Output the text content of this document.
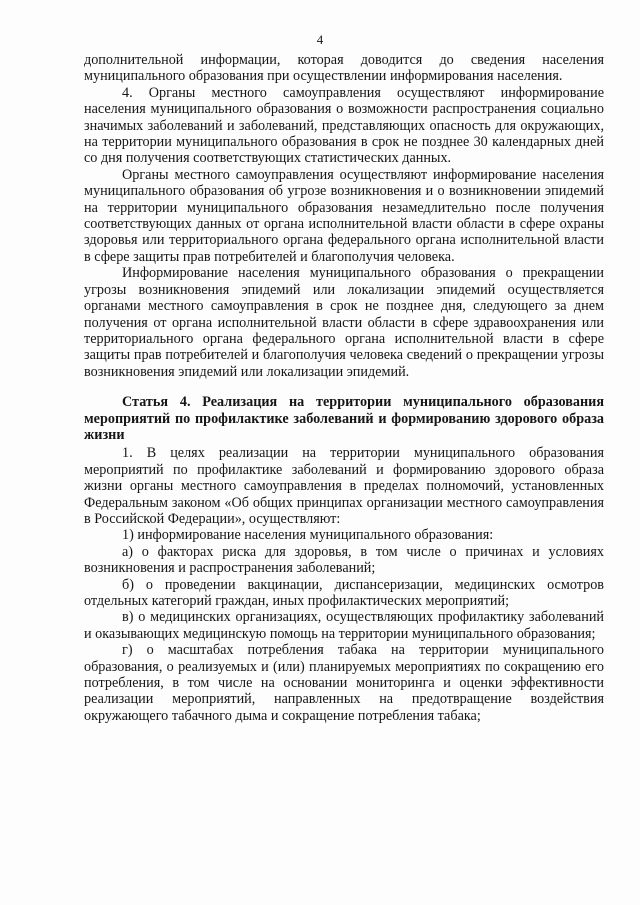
4

дополнительной информации, которая доводится до сведения населения муниципального образования при осуществлении информирования населения.

4. Органы местного самоуправления осуществляют информирование населения муниципального образования о возможности распространения социально значимых заболеваний и заболеваний, представляющих опасность для окружающих, на территории муниципального образования в срок не позднее 30 календарных дней со дня получения соответствующих статистических данных.

Органы местного самоуправления осуществляют информирование населения муниципального образования об угрозе возникновения и о возникновении эпидемий на территории муниципального образования незамедлительно после получения соответствующих данных от органа исполнительной власти области в сфере охраны здоровья или территориального органа федерального органа исполнительной власти в сфере защиты прав потребителей и благополучия человека.

Информирование населения муниципального образования о прекращении угрозы возникновения эпидемий или локализации эпидемий осуществляется органами местного самоуправления в срок не позднее дня, следующего за днем получения от органа исполнительной власти области в сфере здравоохранения или территориального органа федерального органа исполнительной власти в сфере защиты прав потребителей и благополучия человека сведений о прекращении угрозы возникновения эпидемий или локализации эпидемий.

Статья 4. Реализация на территории муниципального образования мероприятий по профилактике заболеваний и формированию здорового образа жизни

1. В целях реализации на территории муниципального образования мероприятий по профилактике заболеваний и формированию здорового образа жизни органы местного самоуправления в пределах полномочий, установленных Федеральным законом «Об общих принципах организации местного самоуправления в Российской Федерации», осуществляют:

1) информирование населения муниципального образования:

а) о факторах риска для здоровья, в том числе о причинах и условиях возникновения и распространения заболеваний;

б) о проведении вакцинации, диспансеризации, медицинских осмотров отдельных категорий граждан, иных профилактических мероприятий;

в) о медицинских организациях, осуществляющих профилактику заболеваний и оказывающих медицинскую помощь на территории муниципального образования;

г) о масштабах потребления табака на территории муниципального образования, о реализуемых и (или) планируемых мероприятиях по сокращению его потребления, в том числе на основании мониторинга и оценки эффективности реализации мероприятий, направленных на предотвращение воздействия окружающего табачного дыма и сокращение потребления табака;
